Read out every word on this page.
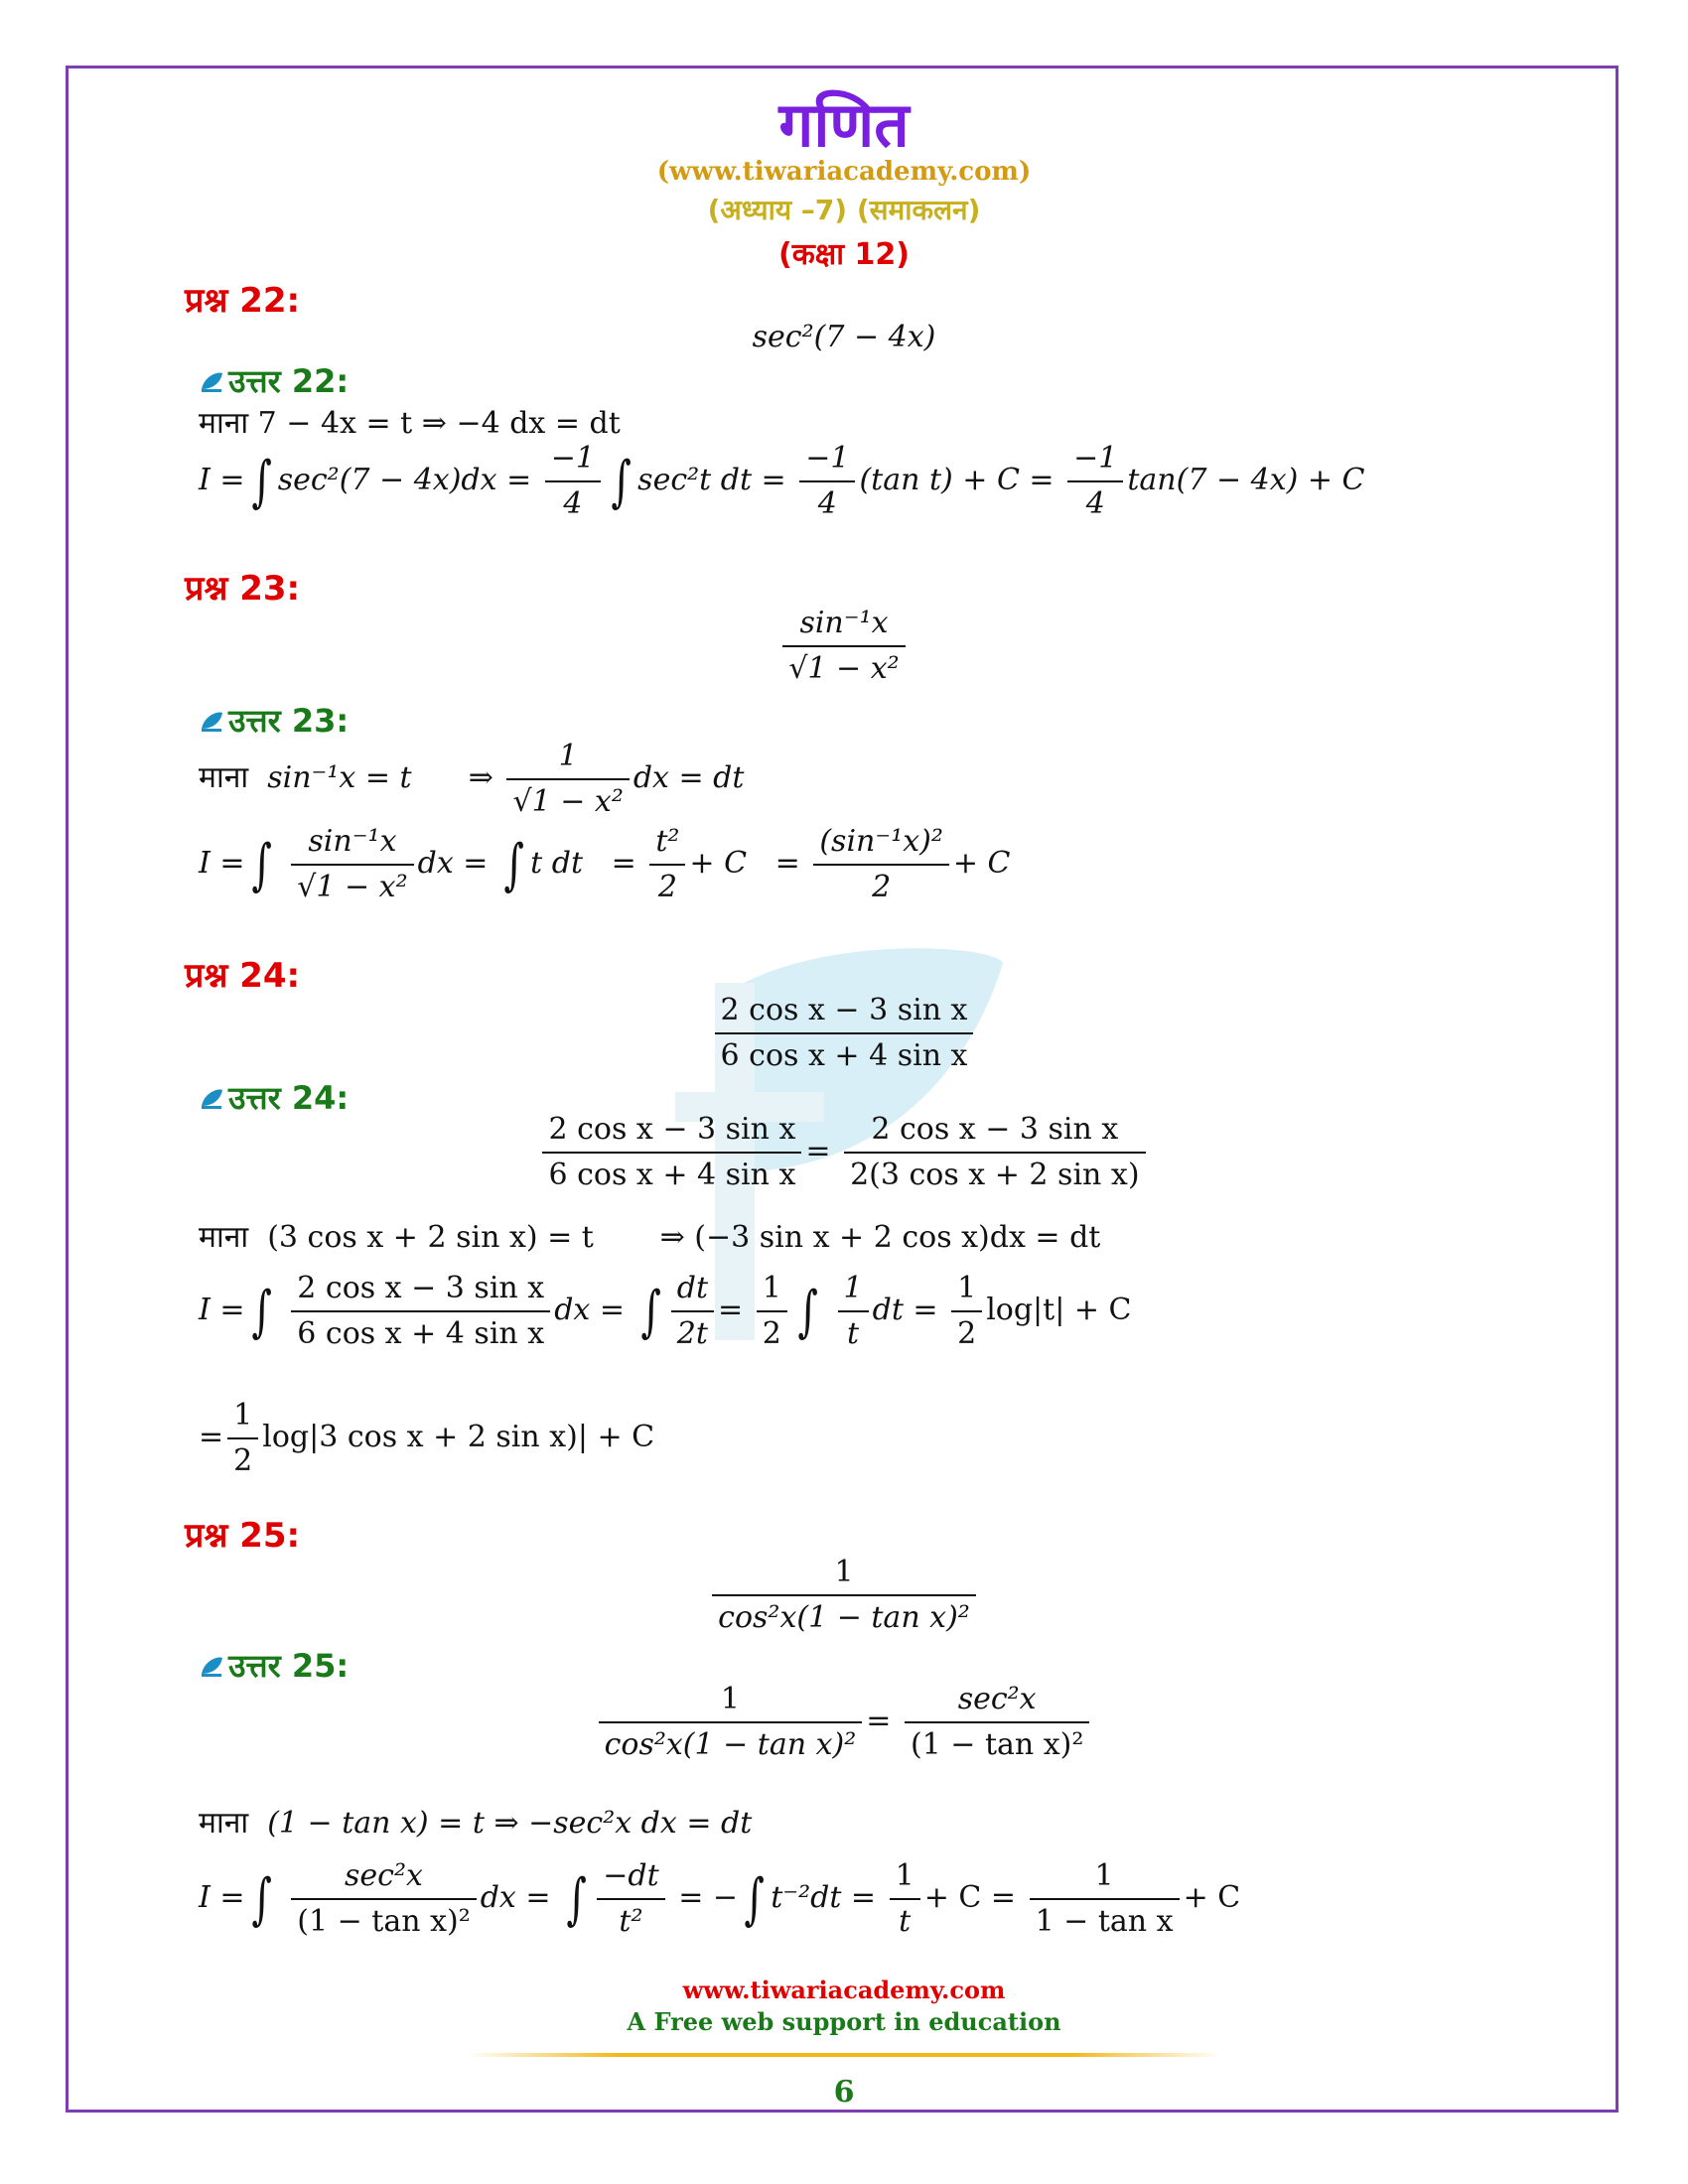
गणित
(www.tiwariacademy.com)
(अध्याय –7) (समाकलन)
(कक्षा 12)
प्रश्न 22:
sec²(7 − 4x)
उत्तर 22:
माना 7 − 4x = t ⇒ −4 dx = dt
I = ∫ $\sec^2(7 - 4x)dx = \frac{-1}{4}$ ∫ sec²t dt = $\frac{-1}{4} (\tan$ $t) + C = \frac{-1}{4} \tan(7 - 4x) + C$
प्रश्न 23:
$\frac{\text{sin⁻¹x}}{\text{√1 − x²}}$
उत्तर 23:
माना sin⁻¹x = t ⇒ $\frac{1}{\text{√1 − x²}}$ dx = dt
I = ∫ $\frac{\text{sin⁻¹x}}{\text{√1 − x²}}$ dx = ∫ t dt = $\frac{\text{t²}}{2} + C = \frac{\text{(sin⁻¹x)²}}{2} + C$
प्रश्न 24:
$\frac{\text{2 cos x − 3 sin x}}{\text{6 cos x + 4 sin x}}$
उत्तर 24:
$\frac{\text{2 cos x − 3 sin x}}{\text{6 cos x + 4 sin x}} = \frac{\text{2 cos x − 3 sin x}}{\text{2(3 cos x + 2 sin x)}}$
माना (3 cos x + 2 sin x) = t ⇒ (−3 sin x + 2 cos x)dx = dt
I = ∫ $\frac{\text{2 cos x − 3 sin x}}{\text{6 cos x + 4 sin x}}$ dx = ∫ $\frac{dt}{2t} = \frac{1}{2}$ ∫ $\frac{1}{t}$ dt = $\frac{1}{2} \log|t| + C$
= $\frac{1}{2} \log|3$ cos x + 2 sin x)| + C
प्रश्न 25:
$\frac{1}{\text{cos²x(1 − tan x)²}}$
उत्तर 25:
$\frac{1}{\text{cos²x(1 − tan x)²}} = \frac{\text{sec²x}}{\text{(1 − tan x)²}}$
माना (1 − tan x) = t ⇒ −sec²x dx = dt
I = ∫ $\frac{\text{sec²x}}{\text{(1 − tan x)²}}$ dx = ∫ $\frac{-dt}{\text{t²}}$ = − ∫ $t^{-2}dt = \frac{1}{t} + C = \frac{1}{\text{1 − tan x}} + C$
www.tiwariacademy.com
A Free web support in education
6
